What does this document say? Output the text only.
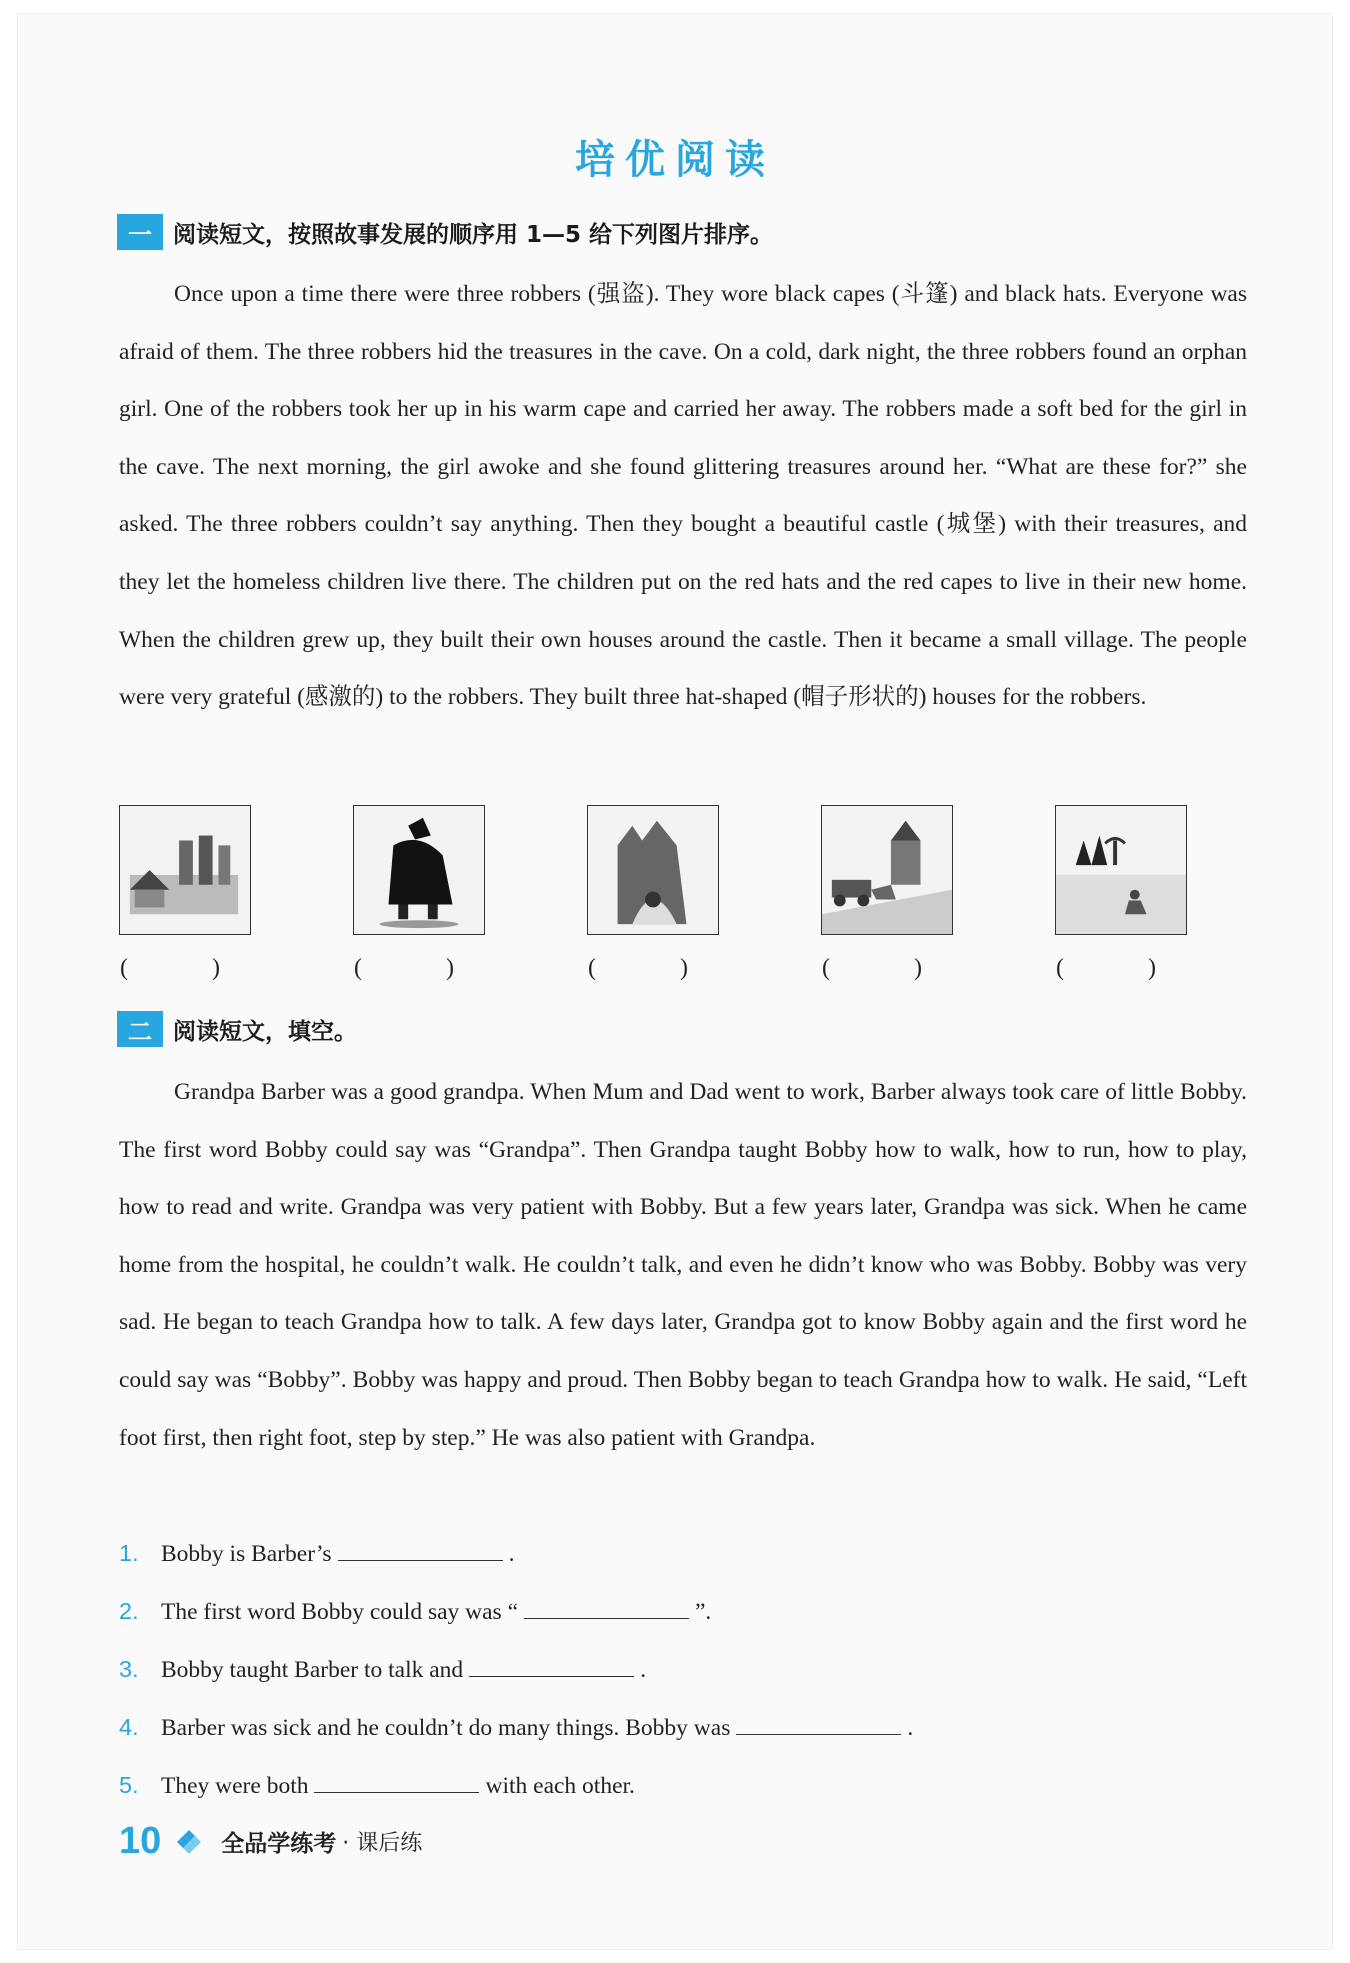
培优阅读
一 阅读短文，按照故事发展的顺序用 1—5 给下列图片排序。

Once upon a time there were three robbers (强盗). They wore black capes (斗篷) and black hats. Everyone was afraid of them. The three robbers hid the treasures in the cave. On a cold, dark night, the three robbers found an orphan girl. One of the robbers took her up in his warm cape and carried her away. The robbers made a soft bed for the girl in the cave. The next morning, the girl awoke and she found glittering treasures around her. “What are these for?” she asked. The three robbers couldn’t say anything. Then they bought a beautiful castle (城堡) with their treasures, and they let the homeless children live there. The children put on the red hats and the red capes to live in their new home. When the children grew up, they built their own houses around the castle. Then it became a small village. The people were very grateful (感激的) to the robbers. They built three hat-shaped (帽子形状的) houses for the robbers.

(　)	(　)	(　)	(　)	(　)
二 阅读短文，填空。

Grandpa Barber was a good grandpa. When Mum and Dad went to work, Barber always took care of little Bobby. The first word Bobby could say was “Grandpa”. Then Grandpa taught Bobby how to walk, how to run, how to play, how to read and write. Grandpa was very patient with Bobby. But a few years later, Grandpa was sick. When he came home from the hospital, he couldn’t walk. He couldn’t talk, and even he didn’t know who was Bobby. Bobby was very sad. He began to teach Grandpa how to talk. A few days later, Grandpa got to know Bobby again and the first word he could say was “Bobby”. Bobby was happy and proud. Then Bobby began to teach Grandpa how to walk. He said, “Left foot first, then right foot, step by step.” He was also patient with Grandpa.

1. Bobby is Barber’s	.
2. The first word Bobby could say was “	”.
3. Bobby taught Barber to talk and	.
4. Barber was sick and he couldn’t do many things. Bobby was	.
5. They were both	with each other.
10	全品学练考 · 课后练
